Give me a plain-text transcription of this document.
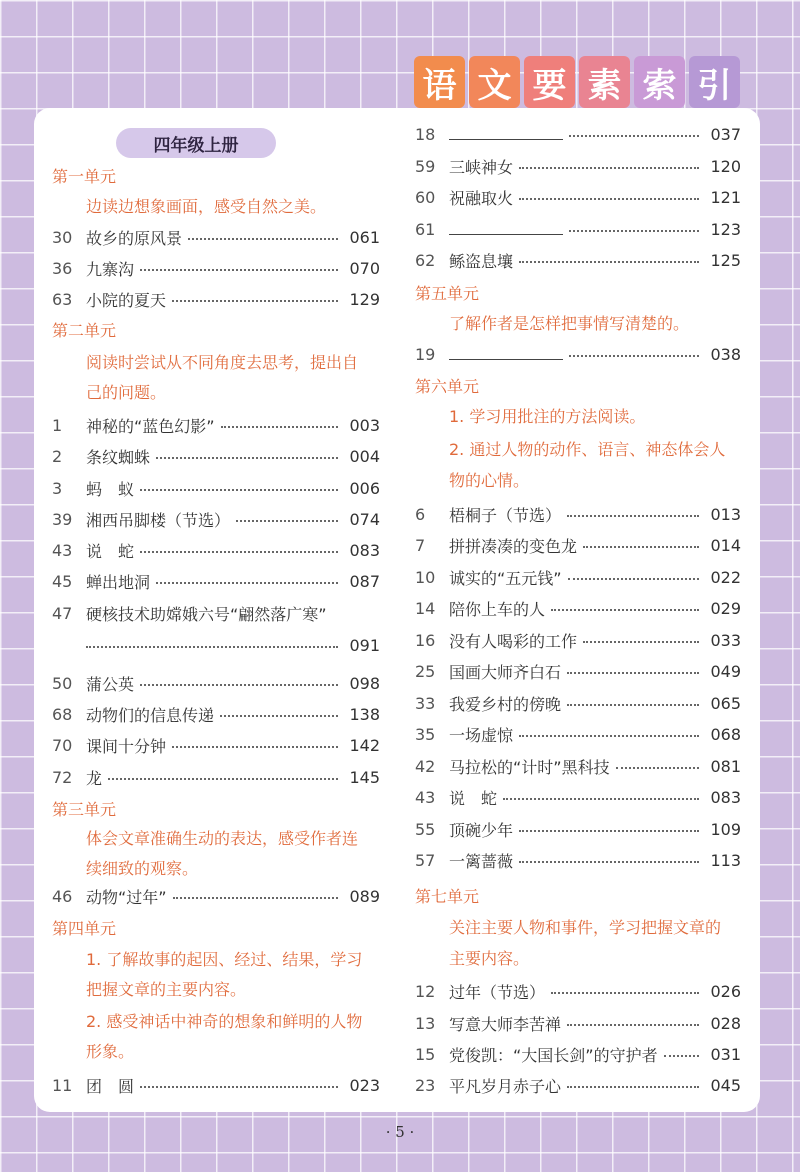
语 文 要 素 索 引
四年级上册
第一单元
边读边想象画面，感受自然之美。
30 故乡的原风景	061
36 九寨沟	070
63 小院的夏天	129
第二单元
阅读时尝试从不同角度去思考，提出自
己的问题。
1	神秘的“蓝色幻影”	003
2	条纹蜘蛛	004
3	蚂　蚁	006
39 湘西吊脚楼（节选）	074
43 说　蛇	083
45 蝉出地洞	087
47 硬核技术助嫦娥六号“翩然落广寒”
091
50 蒲公英	098
68 动物们的信息传递	138
70 课间十分钟	142
72 龙	145
第三单元
体会文章准确生动的表达，感受作者连
续细致的观察。
46 动物“过年”	089
第四单元
1. 了解故事的起因、经过、结果，学习
把握文章的主要内容。
2. 感受神话中神奇的想象和鲜明的人物
形象。
11 团　圆	023
18	037
59 三峡神女	120
60 祝融取火	121
61	123
62 鲧盗息壤	125
第五单元
了解作者是怎样把事情写清楚的。
19	038
第六单元
1. 学习用批注的方法阅读。
2. 通过人物的动作、语言、神态体会人
物的心情。
6	梧桐子（节选）	013
7	拼拼凑凑的变色龙	014
10 诚实的“五元钱”	022
14 陪你上车的人	029
16 没有人喝彩的工作	033
25 国画大师齐白石	049
33 我爱乡村的傍晚	065
35 一场虚惊	068
42 马拉松的“计时”黑科技	081
43 说　蛇	083
55 顶碗少年	109
57 一篱蔷薇	113
第七单元
关注主要人物和事件，学习把握文章的
主要内容。
12 过年（节选）	026
13 写意大师李苦禅	028
15 党俊凯：“大国长剑”的守护者	031
23 平凡岁月赤子心	045
· 5 ·
